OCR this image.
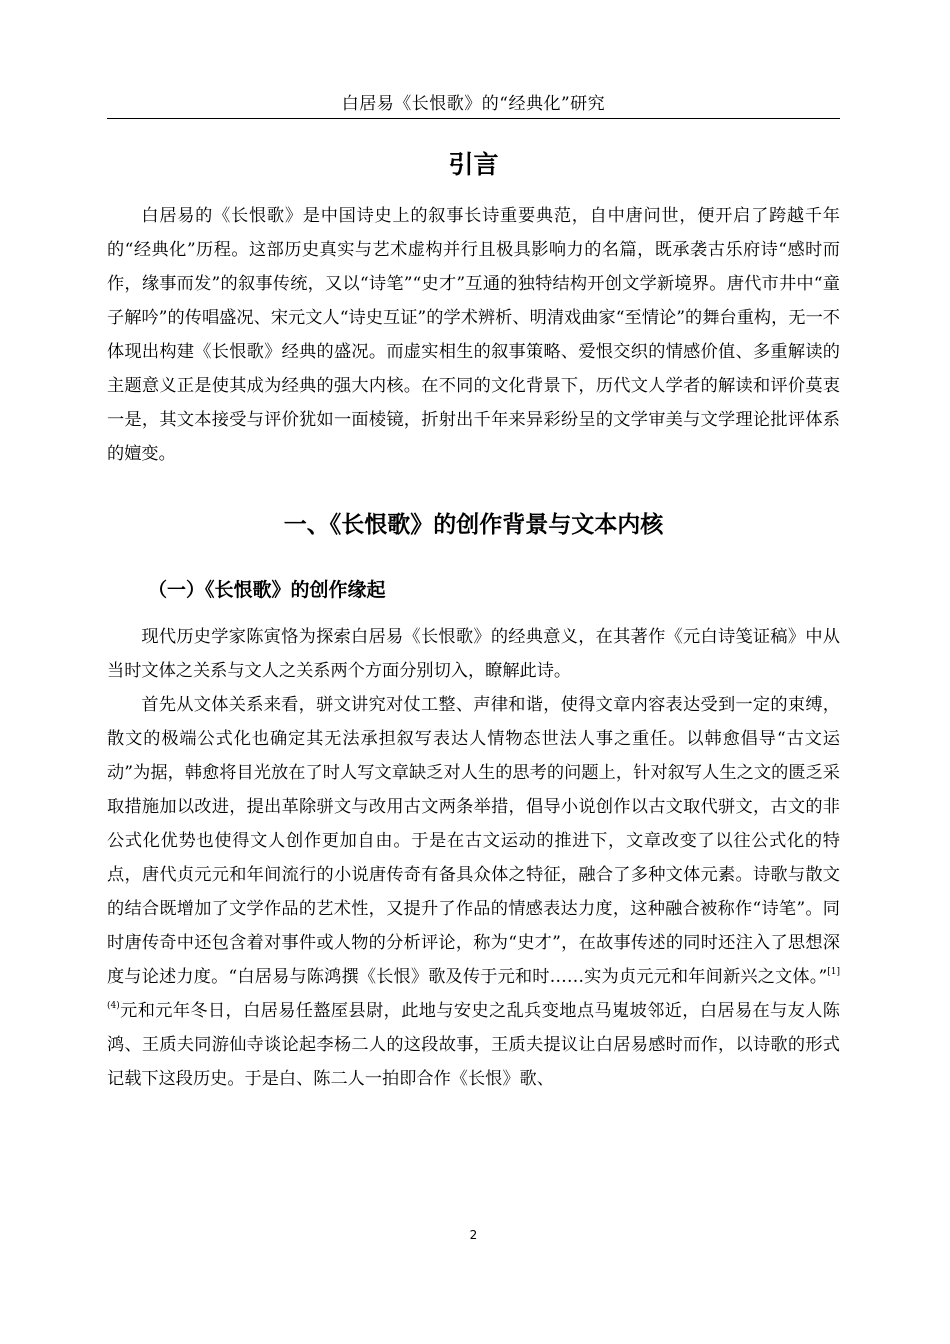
白居易《长恨歌》的“经典化”研究
引言

白居易的《长恨歌》是中国诗史上的叙事长诗重要典范，自中唐问世，便开启了跨越千年的“经典化”历程。这部历史真实与艺术虚构并行且极具影响力的名篇，既承袭古乐府诗“感时而作，缘事而发”的叙事传统，又以“诗笔”“史才”互通的独特结构开创文学新境界。唐代市井中“童子解吟”的传唱盛况、宋元文人“诗史互证”的学术辨析、明清戏曲家“至情论”的舞台重构，无一不体现出构建《长恨歌》经典的盛况。而虚实相生的叙事策略、爱恨交织的情感价值、多重解读的主题意义正是使其成为经典的强大内核。在不同的文化背景下，历代文人学者的解读和评价莫衷一是，其文本接受与评价犹如一面棱镜，折射出千年来异彩纷呈的文学审美与文学理论批评体系的嬗变。

一、《长恨歌》的创作背景与文本内核
（一）《长恨歌》的创作缘起

现代历史学家陈寅恪为探索白居易《长恨歌》的经典意义，在其著作《元白诗笺证稿》中从当时文体之关系与文人之关系两个方面分别切入，瞭解此诗。

首先从文体关系来看，骈文讲究对仗工整、声律和谐，使得文章内容表达受到一定的束缚，散文的极端公式化也确定其无法承担叙写表达人情物态世法人事之重任。以韩愈倡导“古文运动”为据，韩愈将目光放在了时人写文章缺乏对人生的思考的问题上，针对叙写人生之文的匮乏采取措施加以改进，提出革除骈文与改用古文两条举措，倡导小说创作以古文取代骈文，古文的非公式化优势也使得文人创作更加自由。于是在古文运动的推进下，文章改变了以往公式化的特点，唐代贞元元和年间流行的小说唐传奇有备具众体之特征，融合了多种文体元素。诗歌与散文的结合既增加了文学作品的艺术性，又提升了作品的情感表达力度，这种融合被称作“诗笔”。同时唐传奇中还包含着对事件或人物的分析评论，称为“史才”，在故事传述的同时还注入了思想深度与论述力度。“白居易与陈鸿撰《长恨》歌及传于元和时……实为贞元元和年间新兴之文体。”$^{[1] (4)}$元和元年冬日，白居易任盩厔县尉，此地与安史之乱兵变地点马嵬坡邻近，白居易在与友人陈鸿、王质夫同游仙寺谈论起李杨二人的这段故事，王质夫提议让白居易感时而作，以诗歌的形式记载下这段历史。于是白、陈二人一拍即合作《长恨》歌、

2
